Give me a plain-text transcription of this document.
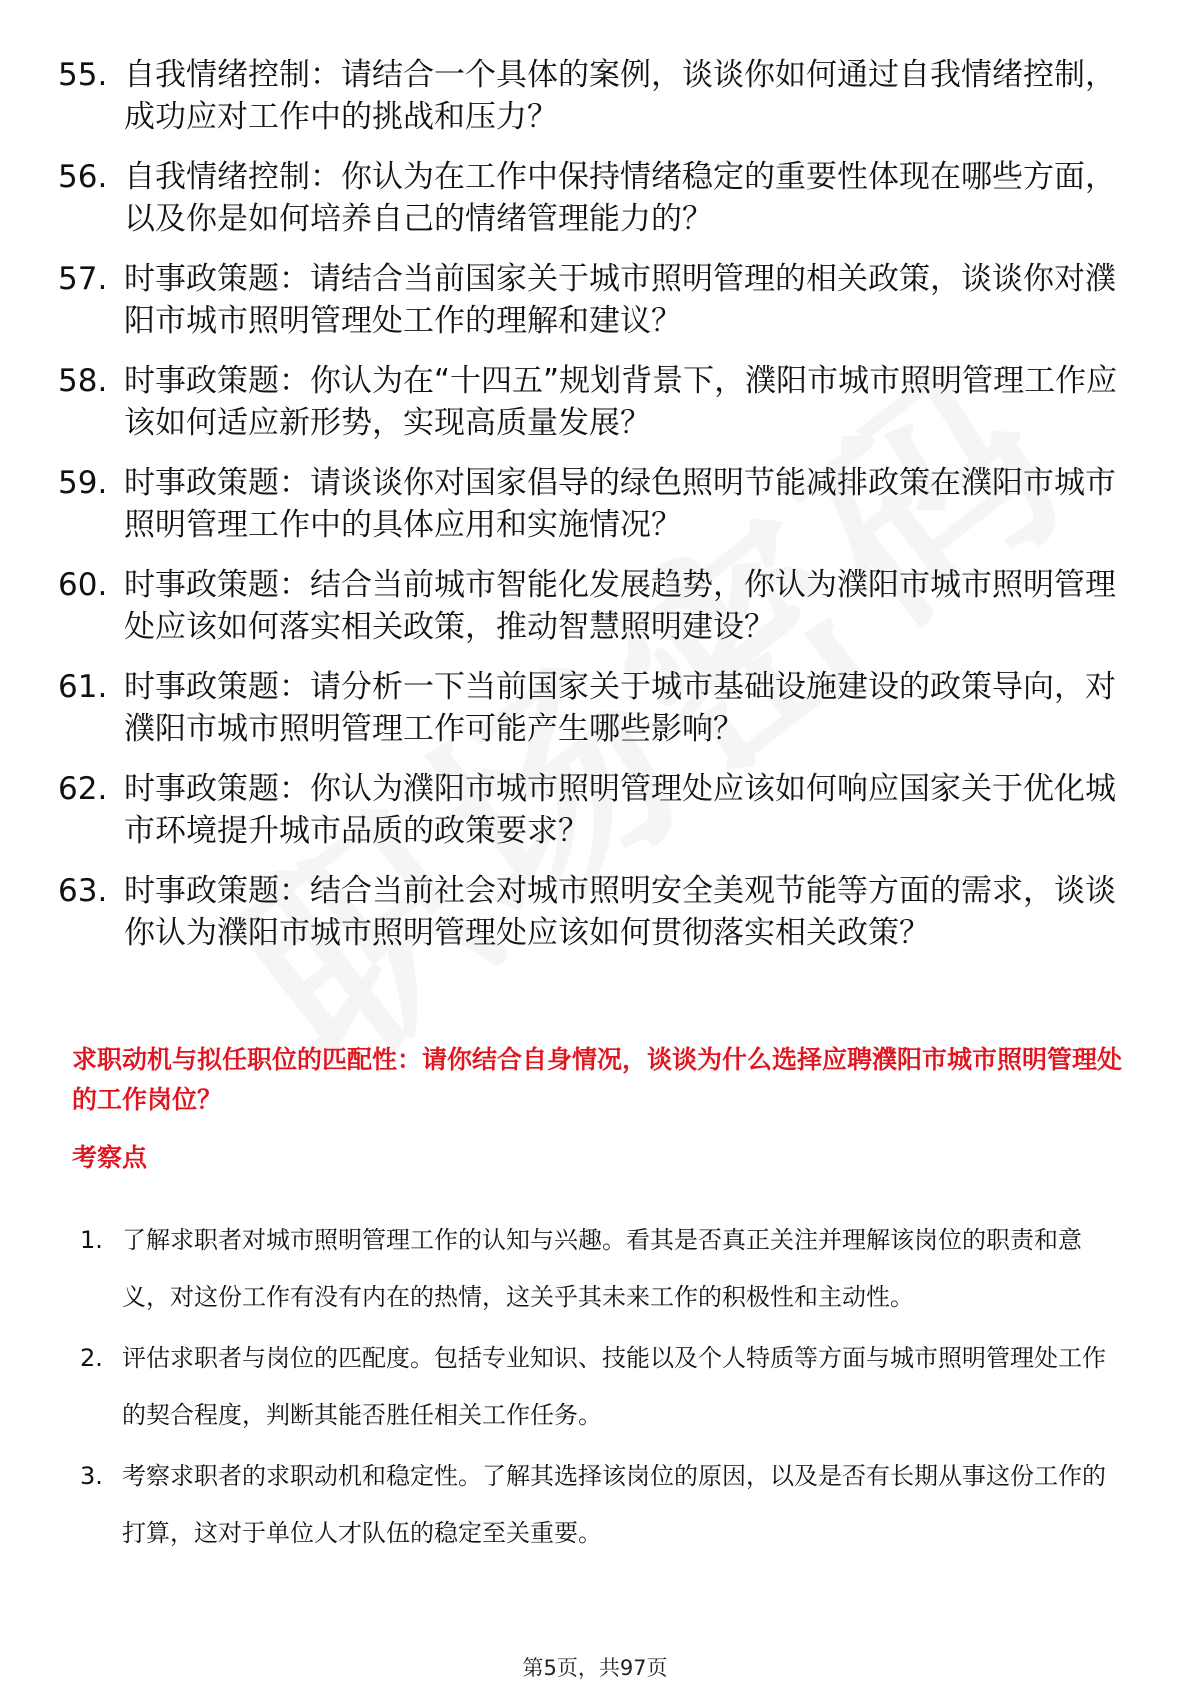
55. 自我情绪控制：请结合一个具体的案例，谈谈你如何通过自我情绪控制，成功应对工作中的挑战和压力？
56. 自我情绪控制：你认为在工作中保持情绪稳定的重要性体现在哪些方面，以及你是如何培养自己的情绪管理能力的？
57. 时事政策题：请结合当前国家关于城市照明管理的相关政策，谈谈你对濮阳市城市照明管理处工作的理解和建议？
58. 时事政策题：你认为在“十四五”规划背景下，濮阳市城市照明管理工作应该如何适应新形势，实现高质量发展？
59. 时事政策题：请谈谈你对国家倡导的绿色照明节能减排政策在濮阳市城市照明管理工作中的具体应用和实施情况？
60. 时事政策题：结合当前城市智能化发展趋势，你认为濮阳市城市照明管理处应该如何落实相关政策，推动智慧照明建设？
61. 时事政策题：请分析一下当前国家关于城市基础设施建设的政策导向，对濮阳市城市照明管理工作可能产生哪些影响？
62. 时事政策题：你认为濮阳市城市照明管理处应该如何响应国家关于优化城市环境提升城市品质的政策要求？
63. 时事政策题：结合当前社会对城市照明安全美观节能等方面的需求，谈谈你认为濮阳市城市照明管理处应该如何贯彻落实相关政策？
求职动机与拟任职位的匹配性：请你结合自身情况，谈谈为什么选择应聘濮阳市城市照明管理处的工作岗位？
考察点
1. 了解求职者对城市照明管理工作的认知与兴趣。看其是否真正关注并理解该岗位的职责和意义，对这份工作有没有内在的热情，这关乎其未来工作的积极性和主动性。
2. 评估求职者与岗位的匹配度。包括专业知识、技能以及个人特质等方面与城市照明管理处工作的契合程度，判断其能否胜任相关工作任务。
3. 考察求职者的求职动机和稳定性。了解其选择该岗位的原因，以及是否有长期从事这份工作的打算，这对于单位人才队伍的稳定至关重要。
第5页，共97页
